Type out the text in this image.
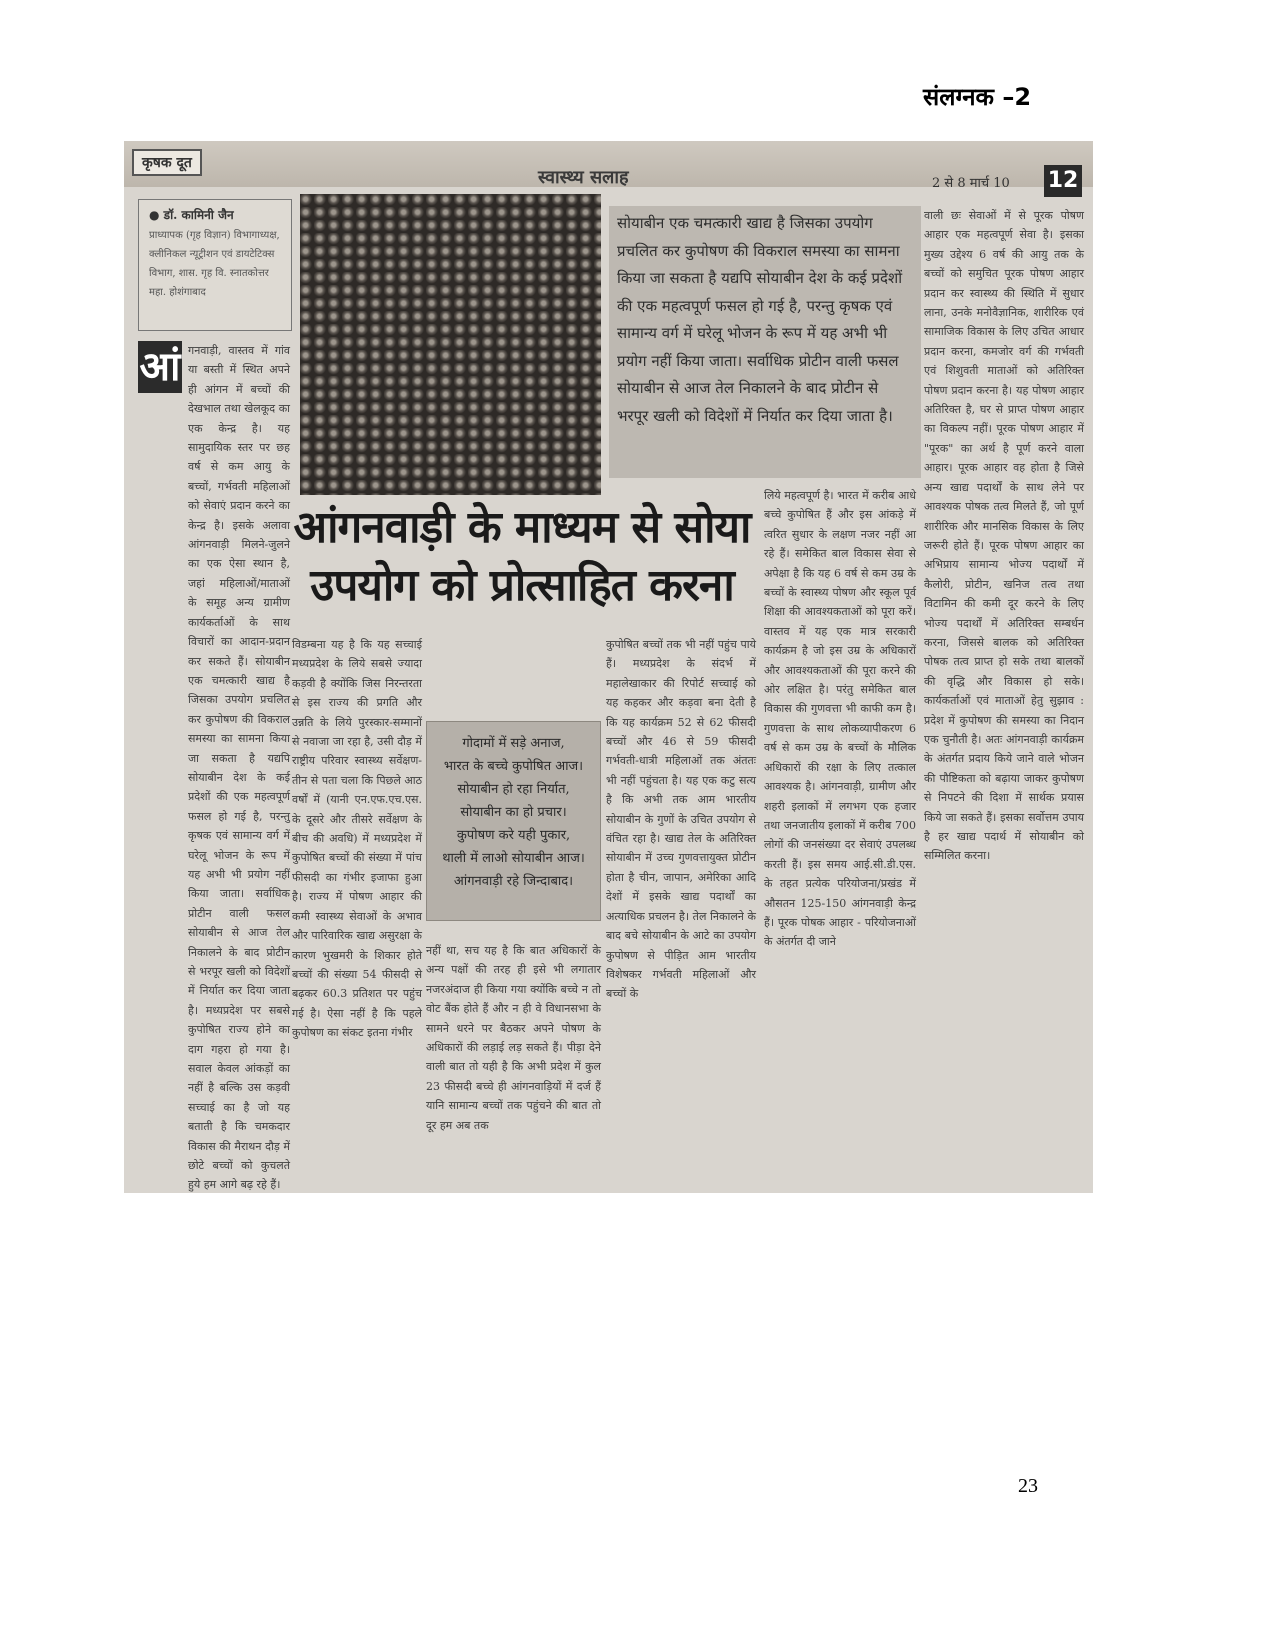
संलग्नक –2
कृषक दूत
स्वास्थ्य सलाह	2 से 8 मार्च 10 12
● डॉ. कामिनी जैन
प्राध्यापक (गृह विज्ञान) विभागाध्यक्ष, क्लीनिकल न्यूट्रीशन एवं डायटेटिक्स विभाग, शास. गृह वि. स्नातकोत्तर महा. होशंगाबाद
सोयाबीन एक चमत्कारी खाद्य है जिसका उपयोग प्रचलित कर कुपोषण की विकराल समस्या का सामना किया जा सकता है यद्यपि सोयाबीन देश के कई प्रदेशों की एक महत्वपूर्ण फसल हो गई है, परन्तु कृषक एवं सामान्य वर्ग में घरेलू भोजन के रूप में यह अभी भी प्रयोग नहीं किया जाता। सर्वाधिक प्रोटीन वाली फसल सोयाबीन से आज तेल निकालने के बाद प्रोटीन से भरपूर खली को विदेशों में निर्यात कर दिया जाता है।
आं गनवाड़ी, वास्तव में गांव या बस्ती में स्थित अपने ही आंगन में बच्चों की देखभाल तथा खेलकूद का एक केन्द्र है। यह सामुदायिक स्तर पर छह वर्ष से कम आयु के बच्चों, गर्भवती महिलाओं को सेवाएं प्रदान करने का केन्द्र है। इसके अलावा आंगनवाड़ी मिलने-जुलने का एक ऐसा स्थान है, जहां महिलाओं/माताओं के समूह अन्य ग्रामीण कार्यकर्ताओं के साथ विचारों का आदान-प्रदान कर सकते हैं। सोयाबीन एक चमत्कारी खाद्य है जिसका उपयोग प्रचलित कर कुपोषण की विकराल समस्या का सामना किया जा सकता है यद्यपि सोयाबीन देश के कई प्रदेशों की एक महत्वपूर्ण फसल हो गई है, परन्तु कृषक एवं सामान्य वर्ग में घरेलू भोजन के रूप में यह अभी भी प्रयोग नहीं किया जाता। सर्वाधिक प्रोटीन वाली फसल सोयाबीन से आज तेल निकालने के बाद प्रोटीन से भरपूर खली को विदेशों में निर्यात कर दिया जाता है। मध्यप्रदेश पर सबसे कुपोषित राज्य होने का दाग गहरा हो गया है। सवाल केवल आंकड़ों का नहीं है बल्कि उस कड़वी सच्चाई का है जो यह बताती है कि चमकदार विकास की मैराथन दौड़ में छोटे बच्चों को कुचलते हुये हम आगे बढ़ रहे हैं।
आंगनवाड़ी के माध्यम से सोया
उपयोग को प्रोत्साहित करना
विडम्बना यह है कि यह सच्चाई मध्यप्रदेश के लिये सबसे ज्यादा कड़वी है क्योंकि जिस निरन्तरता से इस राज्य की प्रगति और उन्नति के लिये पुरस्कार-सम्मानों से नवाजा जा रहा है, उसी दौड़ में राष्ट्रीय परिवार स्वास्थ्य सर्वेक्षण-तीन से पता चला कि पिछले आठ वर्षों में (यानी एन.एफ.एच.एस. के दूसरे और तीसरे सर्वेक्षण के बीच की अवधि) में मध्यप्रदेश में कुपोषित बच्चों की संख्या में पांच फीसदी का गंभीर इजाफा हुआ है। राज्य में पोषण आहार की कमी स्वास्थ्य सेवाओं के अभाव और पारिवारिक खाद्य असुरक्षा के कारण भुखमरी के शिकार होते बच्चों की संख्या 54 फीसदी से बढ़कर 60.3 प्रतिशत पर पहुंच गई है। ऐसा नहीं है कि पहले कुपोषण का संकट इतना गंभीर
गोदामों में सड़े अनाज,
भारत के बच्चे कुपोषित आज।
सोयाबीन हो रहा निर्यात,
सोयाबीन का हो प्रचार।
कुपोषण करे यही पुकार,
थाली में लाओ सोयाबीन आज।
आंगनवाड़ी रहे जिन्दाबाद।
नहीं था, सच यह है कि बात अधिकारों के अन्य पक्षों की तरह ही इसे भी लगातार नजरअंदाज ही किया गया क्योंकि बच्चे न तो वोट बैंक होते हैं और न ही वे विधानसभा के सामने धरने पर बैठकर अपने पोषण के अधिकारों की लड़ाई लड़ सकते हैं। पीड़ा देने वाली बात तो यही है कि अभी प्रदेश में कुल 23 फीसदी बच्चे ही आंगनवाड़ियों में दर्ज हैं यानि सामान्य बच्चों तक पहुंचने की बात तो दूर हम अब तक
कुपोषित बच्चों तक भी नहीं पहुंच पाये हैं। मध्यप्रदेश के संदर्भ में महालेखाकार की रिपोर्ट सच्चाई को यह कहकर और कड़वा बना देती है कि यह कार्यक्रम 52 से 62 फीसदी बच्चों और 46 से 59 फीसदी गर्भवती-धात्री महिलाओं तक अंततः भी नहीं पहुंचता है। यह एक कटु सत्य है कि अभी तक आम भारतीय सोयाबीन के गुणों के उचित उपयोग से वंचित रहा है। खाद्य तेल के अतिरिक्त सोयाबीन में उच्च गुणवत्तायुक्त प्रोटीन होता है चीन, जापान, अमेरिका आदि देशों में इसके खाद्य पदार्थों का अत्याधिक प्रचलन है। तेल निकालने के बाद बचे सोयाबीन के आटे का उपयोग कुपोषण से पीड़ित आम भारतीय विशेषकर गर्भवती महिलाओं और बच्चों के
लिये महत्वपूर्ण है। भारत में करीब आधे बच्चे कुपोषित हैं और इस आंकड़े में त्वरित सुधार के लक्षण नजर नहीं आ रहे हैं। समेकित बाल विकास सेवा से अपेक्षा है कि यह 6 वर्ष से कम उम्र के बच्चों के स्वास्थ्य पोषण और स्कूल पूर्व शिक्षा की आवश्यकताओं को पूरा करें। वास्तव में यह एक मात्र सरकारी कार्यक्रम है जो इस उम्र के अधिकारों और आवश्यकताओं की पूरा करने की ओर लक्षित है। परंतु समेकित बाल विकास की गुणवत्ता भी काफी कम है। गुणवत्ता के साथ लोकव्यापीकरण 6 वर्ष से कम उम्र के बच्चों के मौलिक अधिकारों की रक्षा के लिए तत्काल आवश्यक है। आंगनवाड़ी, ग्रामीण और शहरी इलाकों में लगभग एक हजार तथा जनजातीय इलाकों में करीब 700 लोगों की जनसंख्या दर सेवाएं उपलब्ध करती हैं। इस समय आई.सी.डी.एस. के तहत प्रत्येक परियोजना/प्रखंड में औसतन 125-150 आंगनवाड़ी केन्द्र हैं। पूरक पोषक आहार - परियोजनाओं के अंतर्गत दी जाने
वाली छः सेवाओं में से पूरक पोषण आहार एक महत्वपूर्ण सेवा है। इसका मुख्य उद्देश्य 6 वर्ष की आयु तक के बच्चों को समुचित पूरक पोषण आहार प्रदान कर स्वास्थ्य की स्थिति में सुधार लाना, उनके मनोवैज्ञानिक, शारीरिक एवं सामाजिक विकास के लिए उचित आधार प्रदान करना, कमजोर वर्ग की गर्भवती एवं शिशुवती माताओं को अतिरिक्त पोषण प्रदान करना है। यह पोषण आहार अतिरिक्त है, घर से प्राप्त पोषण आहार का विकल्प नहीं। पूरक पोषण आहार में "पूरक" का अर्थ है पूर्ण करने वाला आहार। पूरक आहार वह होता है जिसे अन्य खाद्य पदार्थों के साथ लेने पर आवश्यक पोषक तत्व मिलते हैं, जो पूर्ण शारीरिक और मानसिक विकास के लिए जरूरी होते हैं। पूरक पोषण आहार का अभिप्राय सामान्य भोज्य पदार्थों में कैलोरी, प्रोटीन, खनिज तत्व तथा विटामिन की कमी दूर करने के लिए भोज्य पदार्थों में अतिरिक्त सम्बर्धन करना, जिससे बालक को अतिरिक्त पोषक तत्व प्राप्त हो सके तथा बालकों की वृद्धि और विकास हो सके। कार्यकर्ताओं एवं माताओं हेतु सुझाव : प्रदेश में कुपोषण की समस्या का निदान एक चुनौती है। अतः आंगनवाड़ी कार्यक्रम के अंतर्गत प्रदाय किये जाने वाले भोजन की पौष्टिकता को बढ़ाया जाकर कुपोषण से निपटने की दिशा में सार्थक प्रयास किये जा सकते हैं। इसका सर्वोत्तम उपाय है हर खाद्य पदार्थ में सोयाबीन को सम्मिलित करना।
23
